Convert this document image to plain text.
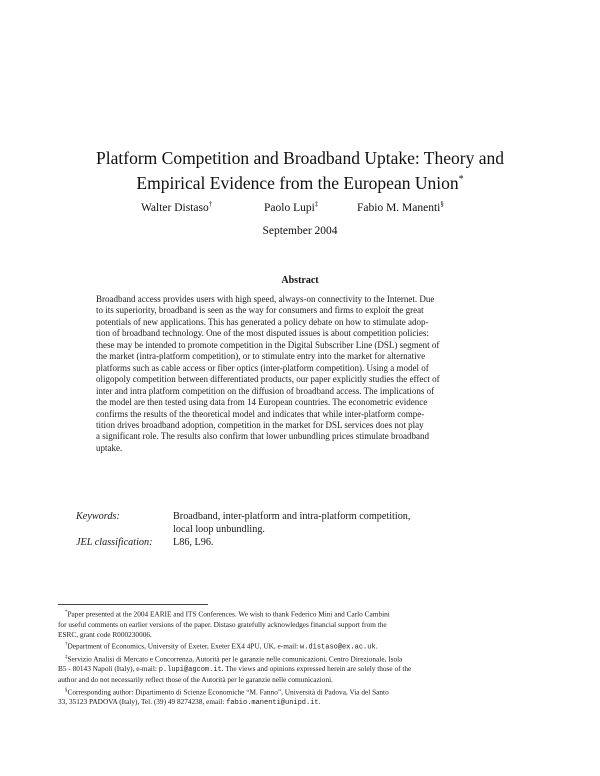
Platform Competition and Broadband Uptake: Theory and
Empirical Evidence from the European Union*
Walter Distaso†	Paolo Lupi‡	Fabio M. Manenti§
September 2004
Abstract
Broadband access provides users with high speed, always-on connectivity to the Internet. Due
to its superiority, broadband is seen as the way for consumers and firms to exploit the great
potentials of new applications. This has generated a policy debate on how to stimulate adop-
tion of broadband technology. One of the most disputed issues is about competition policies:
these may be intended to promote competition in the Digital Subscriber Line (DSL) segment of
the market (intra-platform competition), or to stimulate entry into the market for alternative
platforms such as cable access or fiber optics (inter-platform competition). Using a model of
oligopoly competition between differentiated products, our paper explicitly studies the effect of
inter and intra platform competition on the diffusion of broadband access. The implications of
the model are then tested using data from 14 European countries. The econometric evidence
confirms the results of the theoretical model and indicates that while inter-platform compe-
tition drives broadband adoption, competition in the market for DSL services does not play
a significant role. The results also confirm that lower unbundling prices stimulate broadband
uptake.
Keywords:	Broadband, inter-platform and intra-platform competition,
local loop unbundling.
JEL classification: L86, L96.
*Paper presented at the 2004 EARIE and ITS Conferences. We wish to thank Federico Mini and Carlo Cambini
for useful comments on earlier versions of the paper. Distaso gratefully acknowledges financial support from the
ESRC, grant code R000230006.
†Department of Economics, University of Exeter, Exeter EX4 4PU, UK, e-mail: w.distaso@ex.ac.uk.
‡Servizio Analisi di Mercato e Concorrenza, Autorità per le garanzie nelle comunicazioni, Centro Direzionale, Isola
B5 - 80143 Napoli (Italy), e-mail: p.lupi@agcom.it. The views and opinions expressed herein are solely those of the
author and do not necessarily reflect those of the Autorità per le garanzie nelle comunicazioni.
§Corresponding author: Dipartimento di Scienze Economiche “M. Fanno”, Università di Padova, Via del Santo
33, 35123 PADOVA (Italy), Tel. (39) 49 8274238, email: fabio.manenti@unipd.it.
